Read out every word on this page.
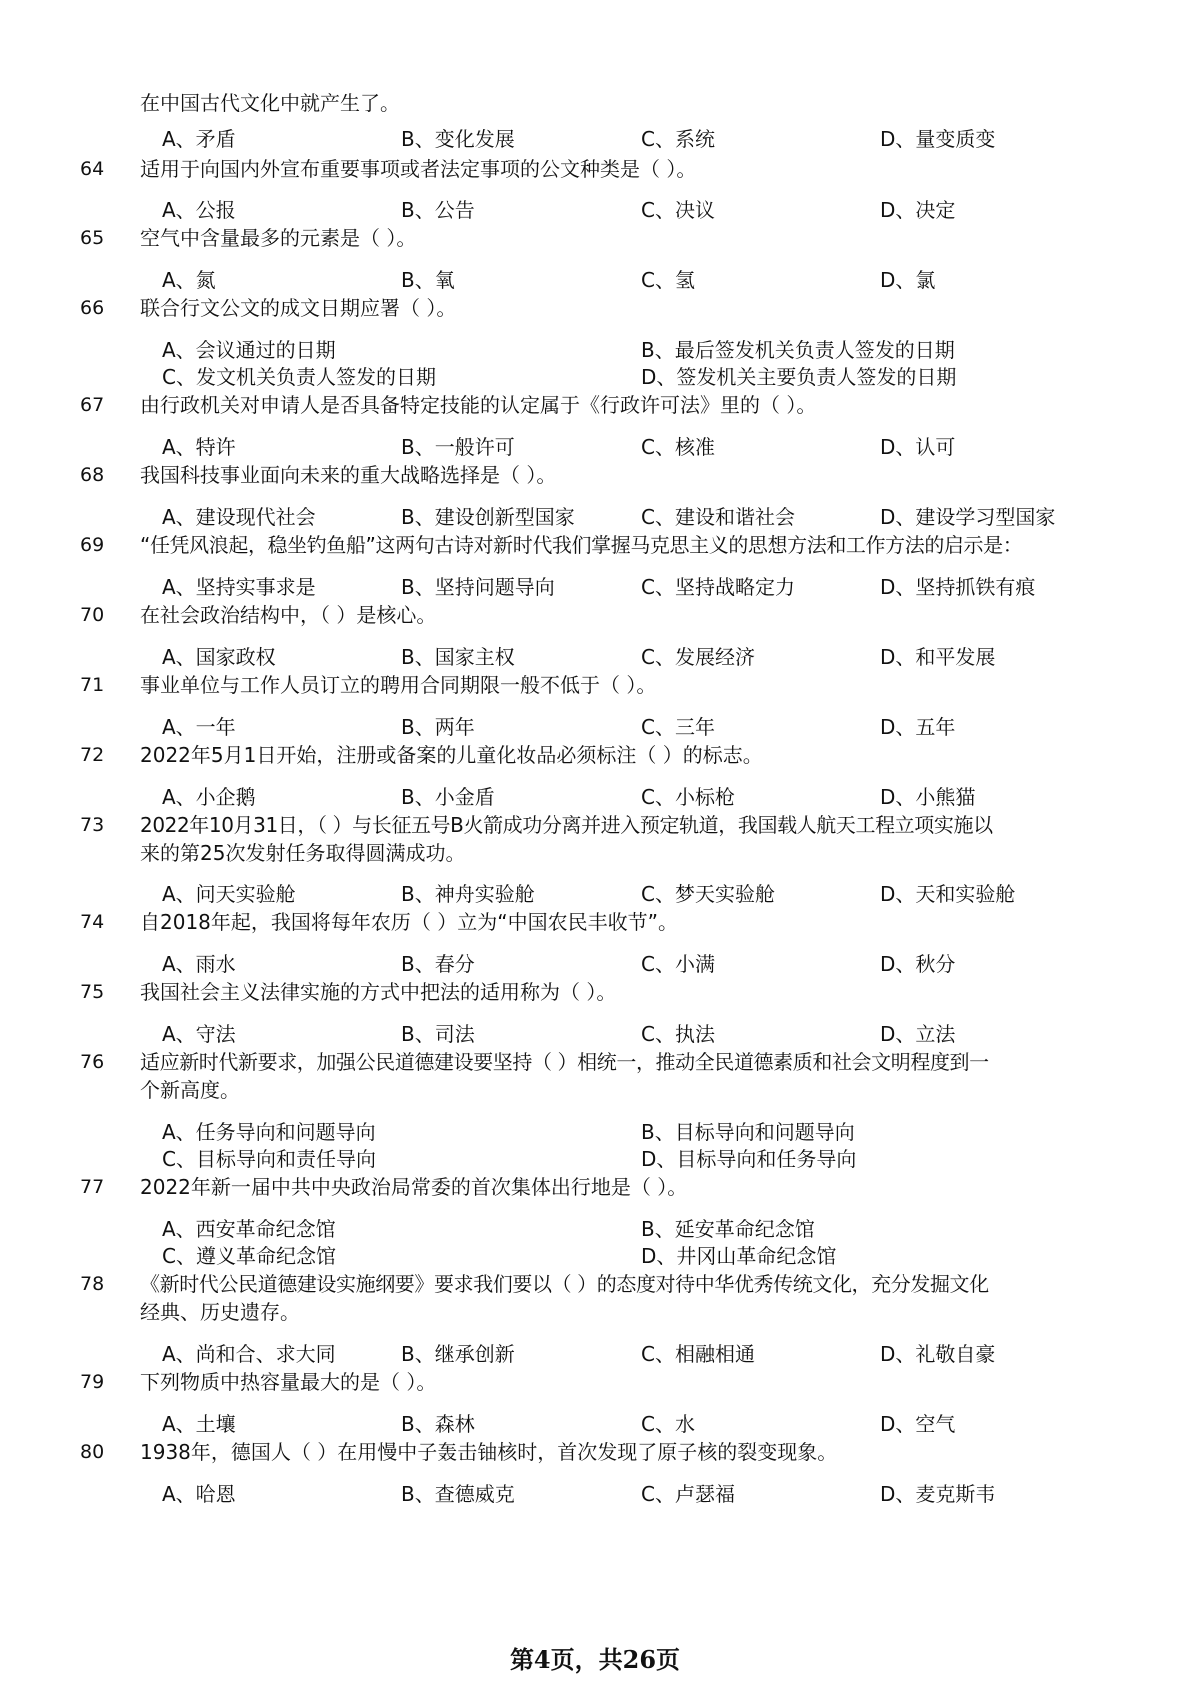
在中国古代文化中就产生了。
A、矛盾	B、变化发展	C、系统	D、量变质变
64 适用于向国内外宣布重要事项或者法定事项的公文种类是（ ）。
A、公报	B、公告	C、决议	D、决定
65 空气中含量最多的元素是（ ）。
A、氮	B、氧	C、氢	D、氯
66 联合行文公文的成文日期应署（ ）。
A、会议通过的日期	B、最后签发机关负责人签发的日期
C、发文机关负责人签发的日期	D、签发机关主要负责人签发的日期
67 由行政机关对申请人是否具备特定技能的认定属于《行政许可法》里的（ ）。
A、特许	B、一般许可	C、核准	D、认可
68 我国科技事业面向未来的重大战略选择是（ ）。
A、建设现代社会	B、建设创新型国家	C、建设和谐社会	D、建设学习型国家
69 “任凭风浪起，稳坐钓鱼船”这两句古诗对新时代我们掌握马克思主义的思想方法和工作方法的启示是：
A、坚持实事求是	B、坚持问题导向	C、坚持战略定力	D、坚持抓铁有痕
70 在社会政治结构中，（ ）是核心。
A、国家政权	B、国家主权	C、发展经济	D、和平发展
71 事业单位与工作人员订立的聘用合同期限一般不低于（ ）。
A、一年	B、两年	C、三年	D、五年
72 2022年5月1日开始，注册或备案的儿童化妆品必须标注（ ）的标志。
A、小企鹅	B、小金盾	C、小标枪	D、小熊猫
73 2022年10月31日，（ ）与长征五号B火箭成功分离并进入预定轨道，我国载人航天工程立项实施以
来的第25次发射任务取得圆满成功。
A、问天实验舱	B、神舟实验舱	C、梦天实验舱	D、天和实验舱
74 自2018年起，我国将每年农历（ ）立为“中国农民丰收节”。
A、雨水	B、春分	C、小满	D、秋分
75 我国社会主义法律实施的方式中把法的适用称为（ ）。
A、守法	B、司法	C、执法	D、立法
76 适应新时代新要求，加强公民道德建设要坚持（ ）相统一，推动全民道德素质和社会文明程度到一
个新高度。
A、任务导向和问题导向	B、目标导向和问题导向
C、目标导向和责任导向	D、目标导向和任务导向
77 2022年新一届中共中央政治局常委的首次集体出行地是（ ）。
A、西安革命纪念馆	B、延安革命纪念馆
C、遵义革命纪念馆	D、井冈山革命纪念馆
78 《新时代公民道德建设实施纲要》要求我们要以（ ）的态度对待中华优秀传统文化，充分发掘文化
经典、历史遗存。
A、尚和合、求大同	B、继承创新	C、相融相通	D、礼敬自豪
79 下列物质中热容量最大的是（ ）。
A、土壤	B、森林	C、水	D、空气
80 1938年，德国人（ ）在用慢中子轰击铀核时，首次发现了原子核的裂变现象。
A、哈恩	B、查德威克	C、卢瑟福	D、麦克斯韦
第4页，共26页
